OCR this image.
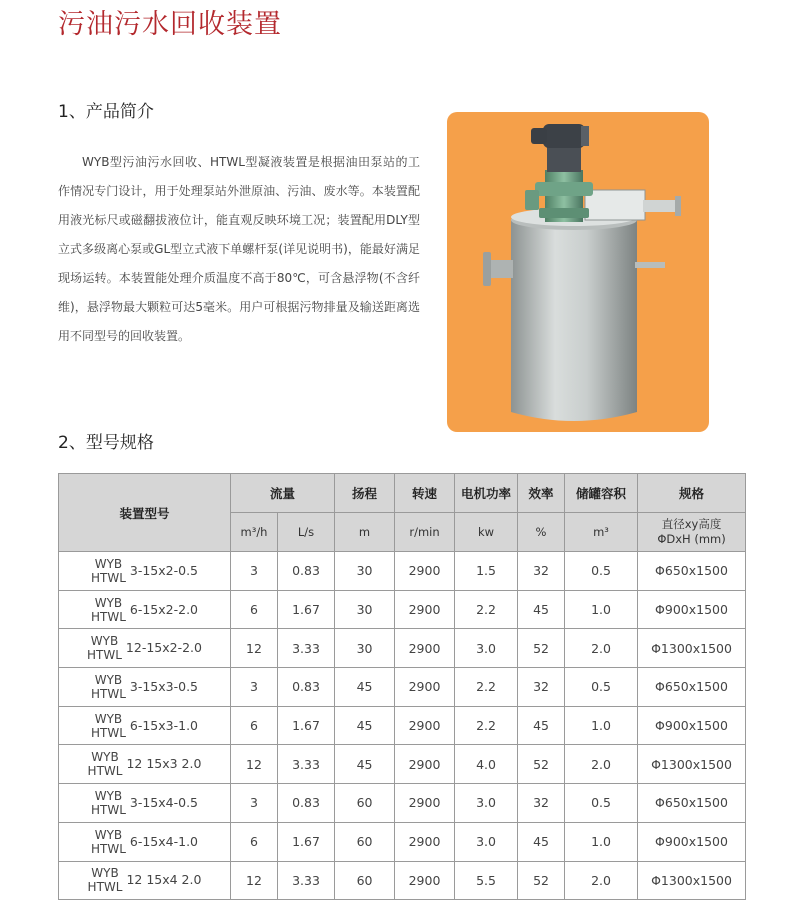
污油污水回收装置
1、产品简介

WYB型污油污水回收、HTWL型凝液装置是根据油田泵站的工作情况专门设计，用于处理泵站外泄原油、污油、废水等。本装置配用液光标尺或磁翻拔液位计，能直观反映环境工况；装置配用DLY型立式多级离心泵或GL型立式液下单螺杆泵(详见说明书)，能最好满足现场运转。本装置能处理介质温度不高于80℃，可含悬浮物(不含纤维)，悬浮物最大颗粒可达5毫米。用户可根据污物排量及输送距离选用不同型号的回收装置。

2、型号规格
装置型号	流量		扬程	转速	电机功率	效率	储罐容积	规格
	m³/h	L/s	m	r/min	kw	%	m³	直径xy高度
ΦDxH (mm)

WYB
HTWL 3-15x2-0.5	3	0.83	30	2900	1.5	32	0.5	Φ650x1500

WYB
HTWL 6-15x2-2.0	6	1.67	30	2900	2.2	45	1.0	Φ900x1500

WYB
HTWL 12-15x2-2.0	12	3.33	30	2900	3.0	52	2.0	Φ1300x1500

WYB
HTWL 3-15x3-0.5	3	0.83	45	2900	2.2	32	0.5	Φ650x1500

WYB
HTWL 6-15x3-1.0	6	1.67	45	2900	2.2	45	1.0	Φ900x1500

WYB
HTWL 12 15x3 2.0	12	3.33	45	2900	4.0	52	2.0	Φ1300x1500

WYB
HTWL 3-15x4-0.5	3	0.83	60	2900	3.0	32	0.5	Φ650x1500

WYB
HTWL 6-15x4-1.0	6	1.67	60	2900	3.0	45	1.0	Φ900x1500

WYB
HTWL 12 15x4 2.0	12	3.33	60	2900	5.5	52	2.0	Φ1300x1500
